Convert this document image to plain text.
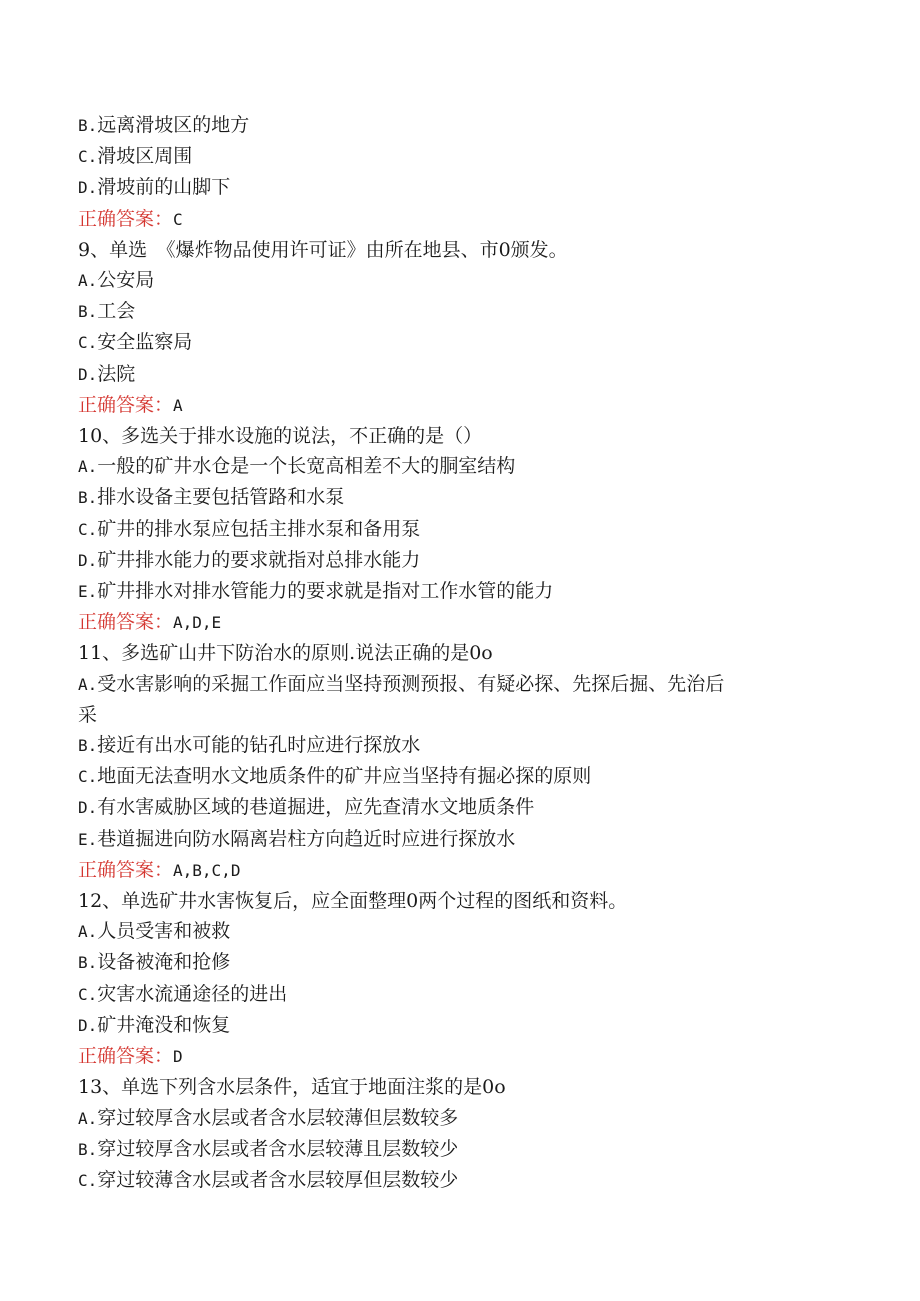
B.远离滑坡区的地方

C.滑坡区周围

D.滑坡前的山脚下

正确答案：C

9、单选　《爆炸物品使用许可证》由所在地县、市0颁发。

A.公安局

B.工会

C.安全监察局

D.法院

正确答案：A

10、多选关于排水设施的说法，不正确的是（）

A.一般的矿井水仓是一个长宽高相差不大的胴室结构

B.排水设备主要包括管路和水泵

C.矿井的排水泵应包括主排水泵和备用泵

D.矿井排水能力的要求就指对总排水能力

E.矿井排水对排水管能力的要求就是指对工作水管的能力

正确答案：A,D,E

11、多选矿山井下防治水的原则.说法正确的是0o

A.受水害影响的采掘工作面应当坚持预测预报、有疑必探、先探后掘、先治后

采

B.接近有出水可能的钻孔时应进行探放水

C.地面无法查明水文地质条件的矿井应当坚持有掘必探的原则

D.有水害威胁区域的巷道掘进，应先查清水文地质条件

E.巷道掘进向防水隔离岩柱方向趋近时应进行探放水

正确答案：A,B,C,D

12、单选矿井水害恢复后，应全面整理0两个过程的图纸和资料。

A.人员受害和被救

B.设备被淹和抢修

C.灾害水流通途径的进出

D.矿井淹没和恢复

正确答案：D

13、单选下列含水层条件，适宜于地面注浆的是0o

A.穿过较厚含水层或者含水层较薄但层数较多

B.穿过较厚含水层或者含水层较薄且层数较少

C.穿过较薄含水层或者含水层较厚但层数较少
